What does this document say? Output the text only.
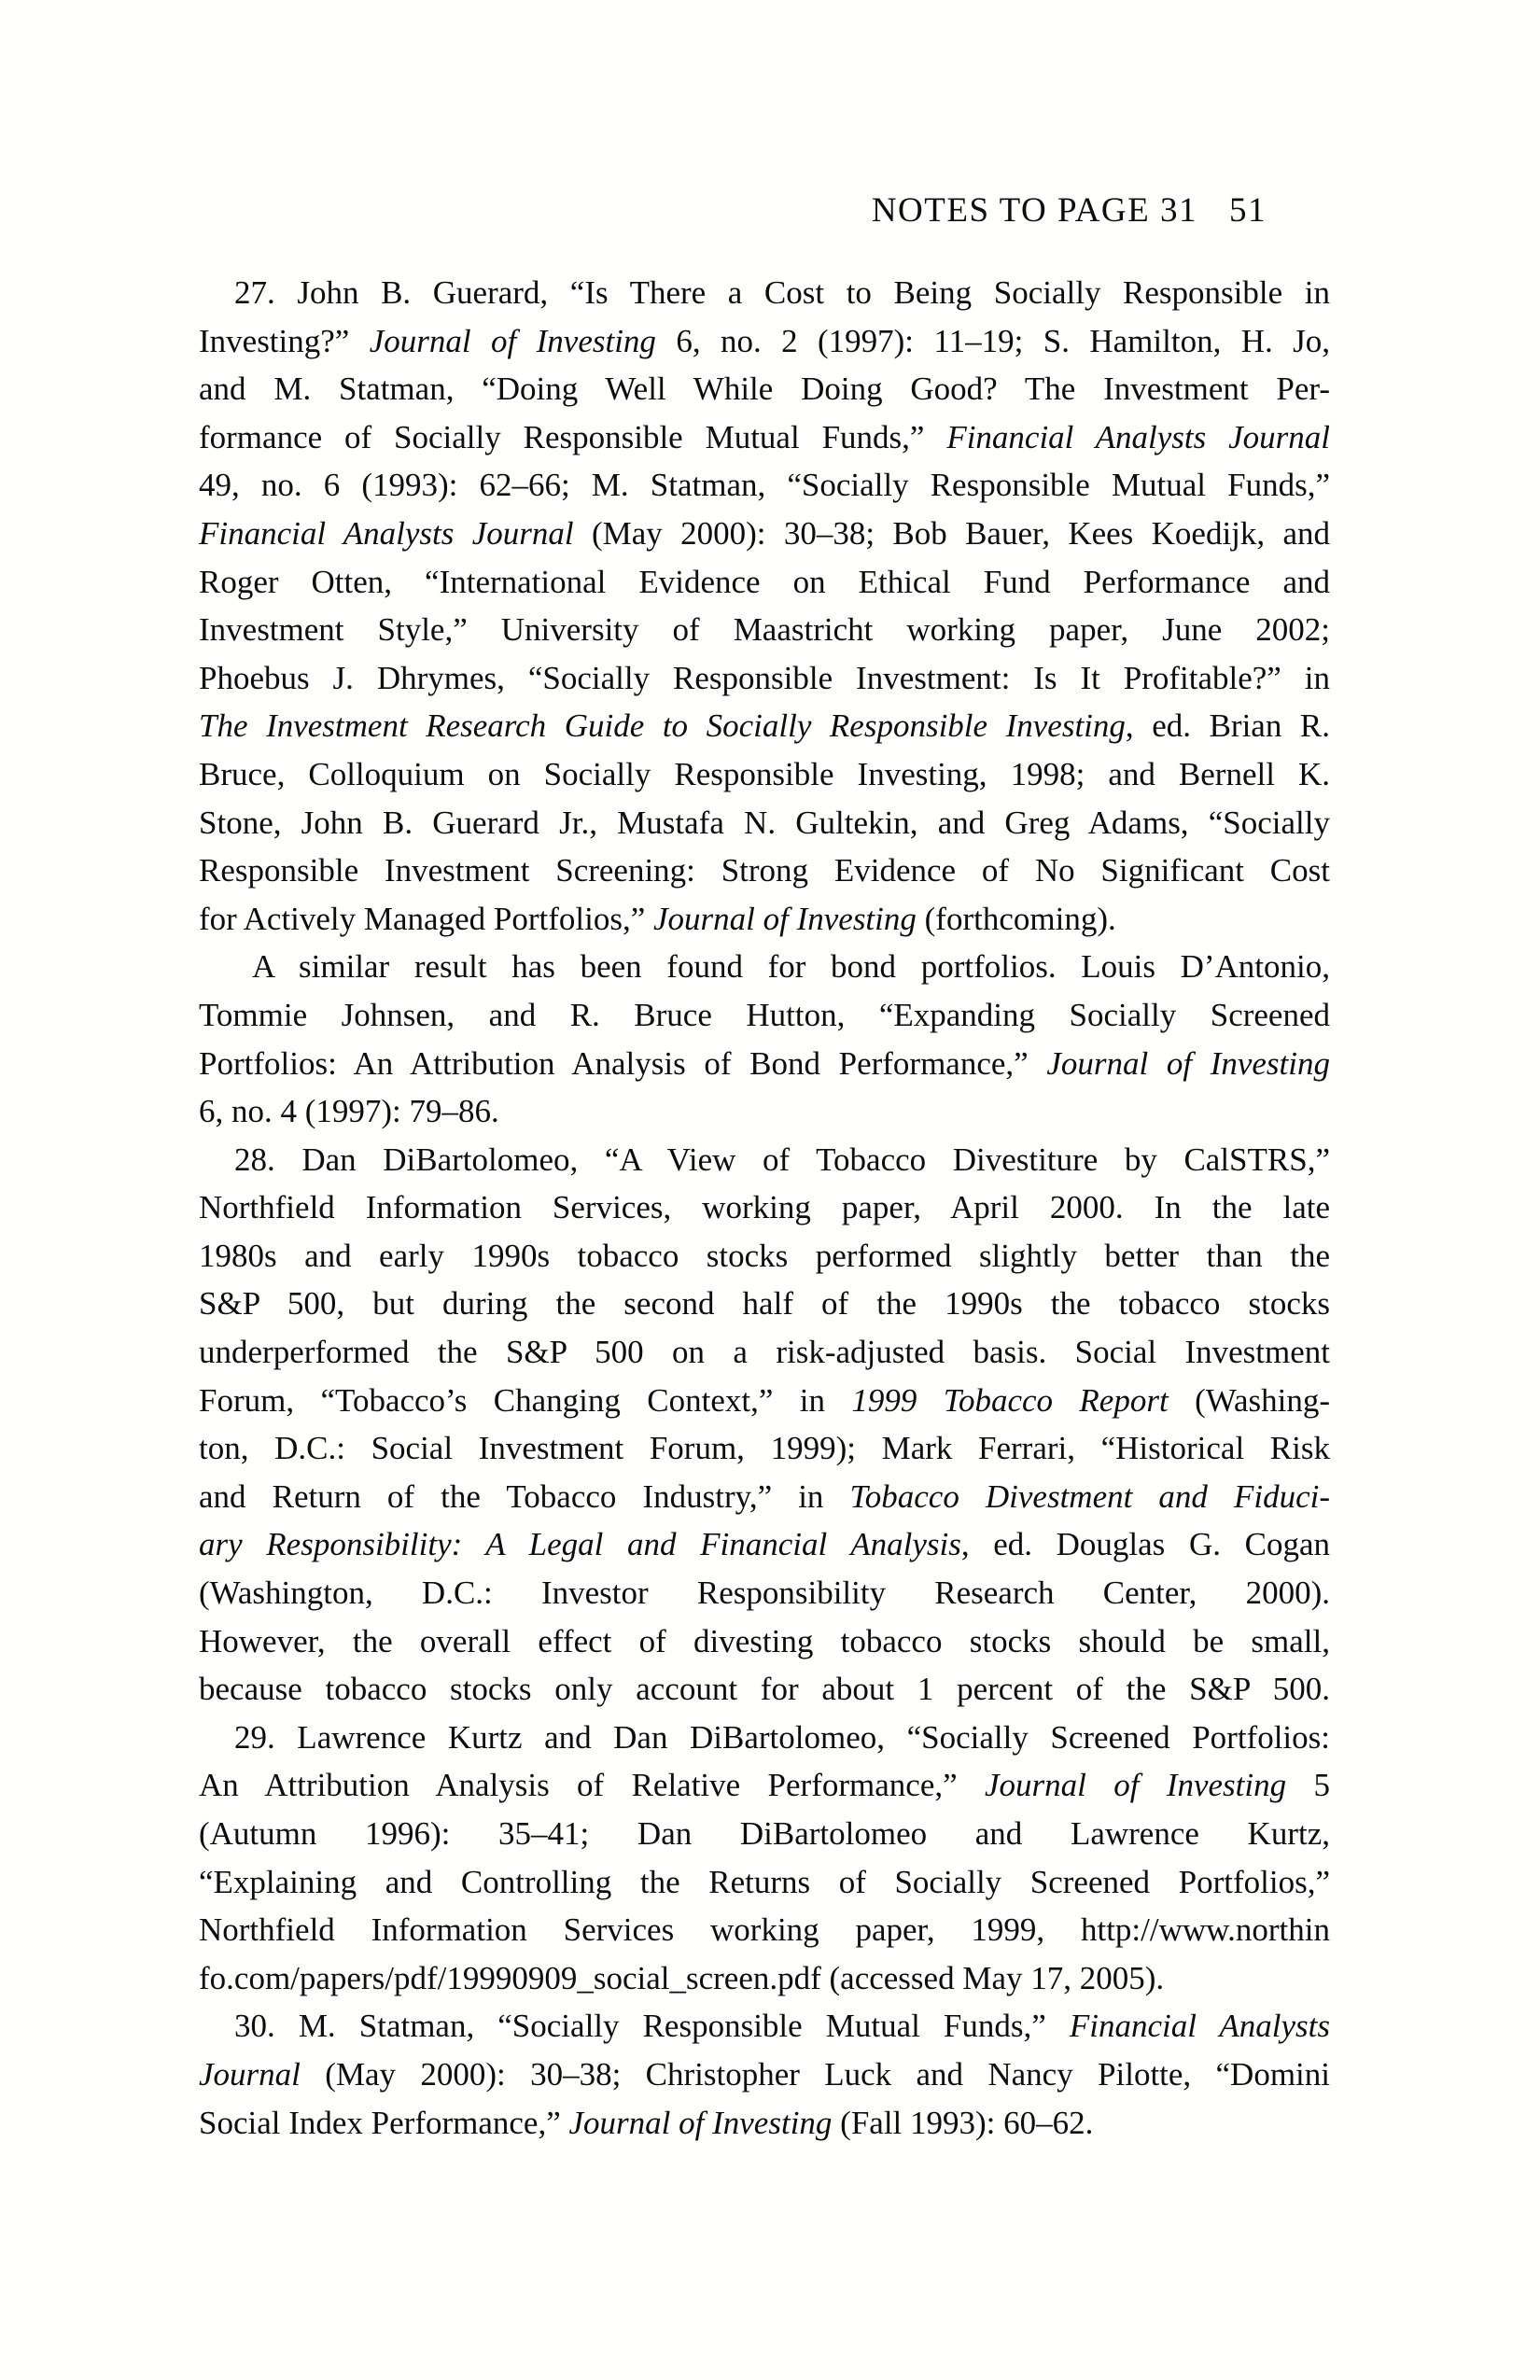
NOTES TO PAGE 31 51
27. John B. Guerard, “Is There a Cost to Being Socially Responsible in
Investing?” Journal of Investing 6, no. 2 (1997): 11–19; S. Hamilton, H. Jo,
and M. Statman, “Doing Well While Doing Good? The Investment Per-
formance of Socially Responsible Mutual Funds,” Financial Analysts Journal
49, no. 6 (1993): 62–66; M. Statman, “Socially Responsible Mutual Funds,”
Financial Analysts Journal (May 2000): 30–38; Bob Bauer, Kees Koedijk, and
Roger Otten, “International Evidence on Ethical Fund Performance and
Investment Style,” University of Maastricht working paper, June 2002;
Phoebus J. Dhrymes, “Socially Responsible Investment: Is It Profitable?” in
The Investment Research Guide to Socially Responsible Investing, ed. Brian R.
Bruce, Colloquium on Socially Responsible Investing, 1998; and Bernell K.
Stone, John B. Guerard Jr., Mustafa N. Gultekin, and Greg Adams, “Socially
Responsible Investment Screening: Strong Evidence of No Significant Cost
for Actively Managed Portfolios,” Journal of Investing (forthcoming).
A similar result has been found for bond portfolios. Louis D’Antonio,
Tommie Johnsen, and R. Bruce Hutton, “Expanding Socially Screened
Portfolios: An Attribution Analysis of Bond Performance,” Journal of Investing
6, no. 4 (1997): 79–86.
28. Dan DiBartolomeo, “A View of Tobacco Divestiture by CalSTRS,”
Northfield Information Services, working paper, April 2000. In the late
1980s and early 1990s tobacco stocks performed slightly better than the
S&P 500, but during the second half of the 1990s the tobacco stocks
underperformed the S&P 500 on a risk-adjusted basis. Social Investment
Forum, “Tobacco’s Changing Context,” in 1999 Tobacco Report (Washing-
ton, D.C.: Social Investment Forum, 1999); Mark Ferrari, “Historical Risk
and Return of the Tobacco Industry,” in Tobacco Divestment and Fiduci-
ary Responsibility: A Legal and Financial Analysis, ed. Douglas G. Cogan
(Washington, D.C.: Investor Responsibility Research Center, 2000).
However, the overall effect of divesting tobacco stocks should be small,
because tobacco stocks only account for about 1 percent of the S&P 500.
29. Lawrence Kurtz and Dan DiBartolomeo, “Socially Screened Portfolios:
An Attribution Analysis of Relative Performance,” Journal of Investing 5
(Autumn 1996): 35–41; Dan DiBartolomeo and Lawrence Kurtz,
“Explaining and Controlling the Returns of Socially Screened Portfolios,”
Northfield Information Services working paper, 1999, http://www.northin
fo.com/papers/pdf/19990909_social_screen.pdf (accessed May 17, 2005).
30. M. Statman, “Socially Responsible Mutual Funds,” Financial Analysts
Journal (May 2000): 30–38; Christopher Luck and Nancy Pilotte, “Domini
Social Index Performance,” Journal of Investing (Fall 1993): 60–62.
